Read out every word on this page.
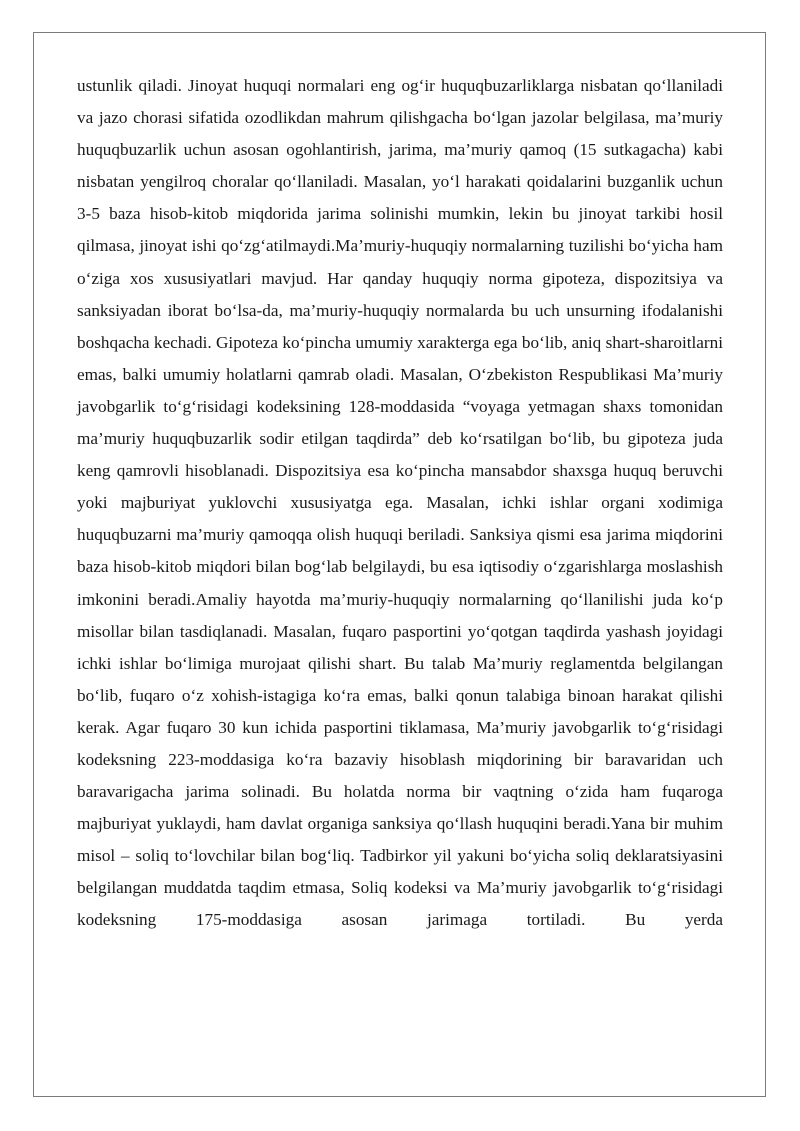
ustunlik qiladi. Jinoyat huquqi normalari eng og‘ir huquqbuzarliklarga nisbatan qo‘llaniladi va jazo chorasi sifatida ozodlikdan mahrum qilishgacha bo‘lgan jazolar belgilasa, ma’muriy huquqbuzarlik uchun asosan ogohlantirish, jarima, ma’muriy qamoq (15 sutkagacha) kabi nisbatan yengilroq choralar qo‘llaniladi. Masalan, yo‘l harakati qoidalarini buzganlik uchun 3-5 baza hisob-kitob miqdorida jarima solinishi mumkin, lekin bu jinoyat tarkibi hosil qilmasa, jinoyat ishi qo‘zg‘atilmaydi.Ma’muriy-huquqiy normalarning tuzilishi bo‘yicha ham o‘ziga xos xususiyatlari mavjud. Har qanday huquqiy norma gipoteza, dispozitsiya va sanksiyadan iborat bo‘lsa-da, ma’muriy-huquqiy normalarda bu uch unsurning ifodalanishi boshqacha kechadi. Gipoteza ko‘pincha umumiy xarakterga ega bo‘lib, aniq shart-sharoitlarni emas, balki umumiy holatlarni qamrab oladi. Masalan, O‘zbekiston Respublikasi Ma’muriy javobgarlik to‘g‘risidagi kodeksining 128-moddasida “voyaga yetmagan shaxs tomonidan ma’muriy huquqbuzarlik sodir etilgan taqdirda” deb ko‘rsatilgan bo‘lib, bu gipoteza juda keng qamrovli hisoblanadi. Dispozitsiya esa ko‘pincha mansabdor shaxsga huquq beruvchi yoki majburiyat yuklovchi xususiyatga ega. Masalan, ichki ishlar organi xodimiga huquqbuzarni ma’muriy qamoqqa olish huquqi beriladi. Sanksiya qismi esa jarima miqdorini baza hisob-kitob miqdori bilan bog‘lab belgilaydi, bu esa iqtisodiy o‘zgarishlarga moslashish imkonini beradi.Amaliy hayotda ma’muriy-huquqiy normalarning qo‘llanilishi juda ko‘p misollar bilan tasdiqlanadi. Masalan, fuqaro pasportini yo‘qotgan taqdirda yashash joyidagi ichki ishlar bo‘limiga murojaat qilishi shart. Bu talab Ma’muriy reglamentda belgilangan bo‘lib, fuqaro o‘z xohish-istagiga ko‘ra emas, balki qonun talabiga binoan harakat qilishi kerak. Agar fuqaro 30 kun ichida pasportini tiklamasa, Ma’muriy javobgarlik to‘g‘risidagi kodeksning 223-moddasiga ko‘ra bazaviy hisoblash miqdorining bir baravaridan uch baravarigacha jarima solinadi. Bu holatda norma bir vaqtning o‘zida ham fuqaroga majburiyat yuklaydi, ham davlat organiga sanksiya qo‘llash huquqini beradi.Yana bir muhim misol – soliq to‘lovchilar bilan bog‘liq. Tadbirkor yil yakuni bo‘yicha soliq deklaratsiyasini belgilangan muddatda taqdim etmasa, Soliq kodeksi va Ma’muriy javobgarlik to‘g‘risidagi kodeksning 175-moddasiga asosan jarimaga tortiladi. Bu yerda
